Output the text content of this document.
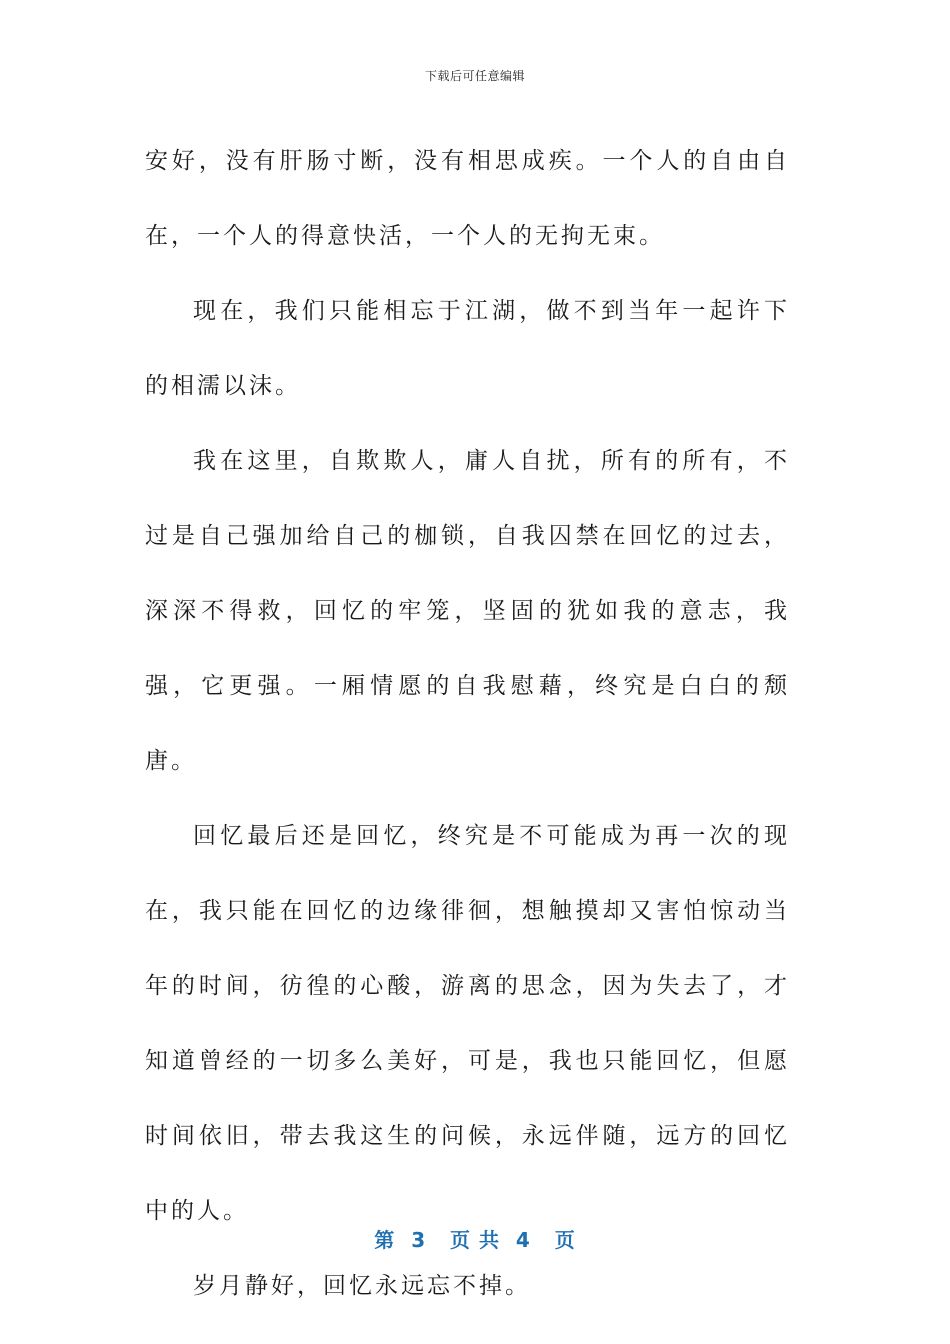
下载后可任意编辑

安好，没有肝肠寸断，没有相思成疾。一个人的自由自在，一个人的得意快活，一个人的无拘无束。

现在，我们只能相忘于江湖，做不到当年一起许下的相濡以沫。

我在这里，自欺欺人，庸人自扰，所有的所有，不过是自己强加给自己的枷锁，自我囚禁在回忆的过去，深深不得救，回忆的牢笼，坚固的犹如我的意志，我强，它更强。一厢情愿的自我慰藉，终究是白白的颓唐。

回忆最后还是回忆，终究是不可能成为再一次的现在，我只能在回忆的边缘徘徊，想触摸却又害怕惊动当年的时间，彷徨的心酸，游离的思念，因为失去了，才知道曾经的一切多么美好，可是，我也只能回忆，但愿时间依旧，带去我这生的问候，永远伴随，远方的回忆中的人。

岁月静好，回忆永远忘不掉。

第  3   页 共  4   页
